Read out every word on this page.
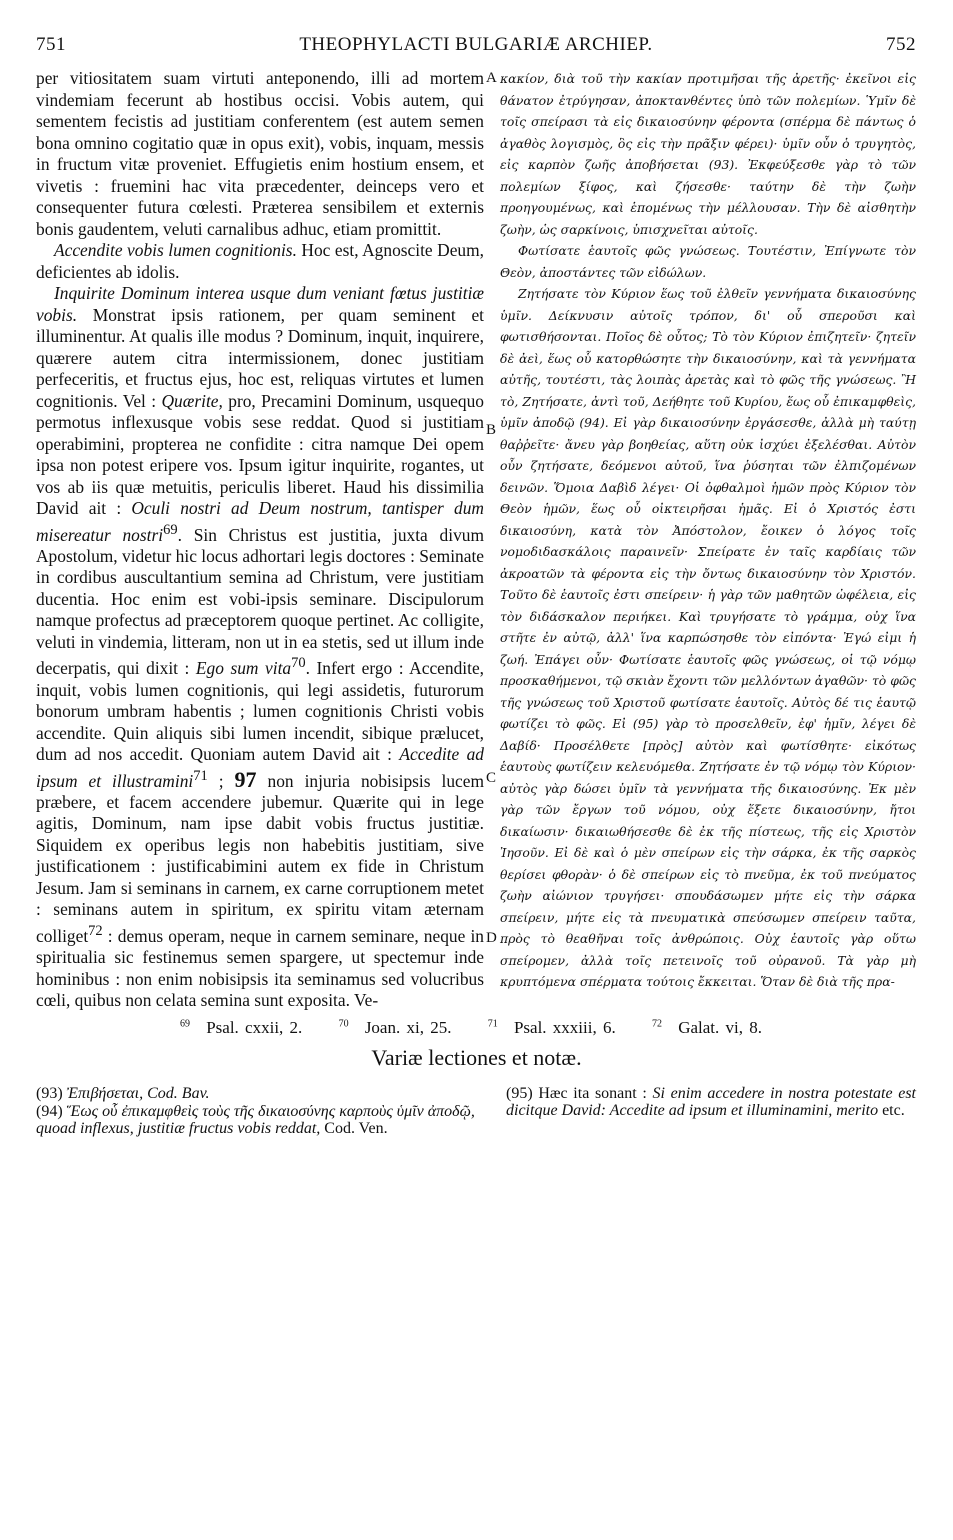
751	THEOPHYLACTI BULGARIÆ ARCHIEP.	752

per vitiositatem suam virtuti anteponendo, illi ad mortem vindemiam fecerunt ab hostibus occisi. Vobis autem, qui sementem fecistis ad justitiam conferentem (est autem semen bona omnino cogitatio quæ in opus exit), vobis, inquam, messis in fructum vitæ proveniet. Effugietis enim hostium ensem, et vivetis : fruemini hac vita præcedenter, deinceps vero et consequenter futura cœlesti. Præterea sensibilem et externis bonis gaudentem, veluti carnalibus adhuc, etiam promittit.

Accendite vobis lumen cognitionis. Hoc est, Agnoscite Deum, deficientes ab idolis.

Inquirite Dominum interea usque dum veniant fœtus justitiæ vobis. Monstrat ipsis rationem, per quam seminent et illuminentur. At qualis ille modus ? Dominum, inquit, inquirere, quærere autem citra intermissionem, donec justitiam perfeceritis, et fructus ejus, hoc est, reliquas virtutes et lumen cognitionis. Vel : Quærite, pro, Precamini Dominum, usquequo permotus inflexusque vobis sese reddat. Quod si justitiam operabimini, propterea ne confidite : citra namque Dei opem ipsa non potest eripere vos. Ipsum igitur inquirite, rogantes, ut vos ab iis quæ metuitis, periculis liberet. Haud his dissimilia David ait : Oculi nostri ad Deum nostrum, tantisper dum misereatur nostri$^{69}$. Sin Christus est justitia, juxta divum Apostolum, videtur hic locus adhortari legis doctores : Seminate in cordibus auscultantium semina ad Christum, vere justitiam ducentia. Hoc enim est vobi-ipsis seminare. Discipulorum namque profectus ad præceptorem quoque pertinet. Ac colligite, veluti in vindemia, litteram, non ut in ea stetis, sed ut illum inde decerpatis, qui dixit : Ego sum vita$^{70}$. Infert ergo : Accendite, inquit, vobis lumen cognitionis, qui legi assidetis, futurorum bonorum umbram habentis ; lumen cognitionis Christi vobis accendite. Quin aliquis sibi lumen incendit, sibique prælucet, dum ad nos accedit. Quoniam autem David ait : Accedite ad ipsum et illustramini$^{71}$ ; 97 non injuria nobisipsis lucem præbere, et facem accendere jubemur. Quærite qui in lege agitis, Dominum, nam ipse dabit vobis fructus justitiæ. Siquidem ex operibus legis non habebitis justitiam, sive justificationem : justificabimini autem ex fide in Christum Jesum. Jam si seminans in carnem, ex carne corruptionem metet : seminans autem in spiritum, ex spiritu vitam æternam colliget$^{72}$ : demus operam, neque in carnem seminare, neque in spiritualia sic festinemus semen spargere, ut spectemur inde hominibus : non enim nobisipsis ita seminamus sed volucribus cœli, quibus non celata semina sunt exposita. Ve-

A
B
C
D

κακίον, διὰ τοῦ τὴν κακίαν προτιμῆσαι τῆς ἀρετῆς· ἐκεῖνοι εἰς θάνατον ἐτρύγησαν, ἀποκτανθέντες ὑπὸ τῶν πολεμίων. Ὑμῖν δὲ τοῖς σπείρασι τὰ εἰς δικαιοσύνην φέροντα (σπέρμα δὲ πάντως ὁ ἀγαθὸς λογισμὸς, ὃς εἰς τὴν πρᾶξιν φέρει)· ὑμῖν οὖν ὁ τρυγητὸς, εἰς καρπὸν ζωῆς ἀποβήσεται (93). Ἐκφεύξεσθε γὰρ τὸ τῶν πολεμίων ξίφος, καὶ ζήσεσθε· ταύτην δὲ τὴν ζωὴν προηγουμένως, καὶ ἑπομένως τὴν μέλλουσαν. Τὴν δὲ αἰσθητὴν ζωὴν, ὡς σαρκίνοις, ὑπισχνεῖται αὐτοῖς.

Φωτίσατε ἑαυτοῖς φῶς γνώσεως. Τουτέστιν, Ἐπίγνωτε τὸν Θεὸν, ἀποστάντες τῶν εἰδώλων.

Ζητήσατε τὸν Κύριον ἕως τοῦ ἐλθεῖν γεννήματα δικαιοσύνης ὑμῖν. Δείκνυσιν αὐτοῖς τρόπον, δι' οὗ σπεροῦσι καὶ φωτισθήσονται. Ποῖος δὲ οὗτος; Τὸ τὸν Κύριον ἐπιζητεῖν· ζητεῖν δὲ ἀεὶ, ἕως οὗ κατορθώσητε τὴν δικαιοσύνην, καὶ τὰ γεννήματα αὐτῆς, τουτέστι, τὰς λοιπὰς ἀρετὰς καὶ τὸ φῶς τῆς γνώσεως. Ἢ τὸ, Ζητήσατε, ἀντὶ τοῦ, Δεήθητε τοῦ Κυρίου, ἕως οὗ ἐπικαμφθεὶς, ὑμῖν ἀποδῷ (94). Εἰ γὰρ δικαιοσύνην ἐργάσεσθε, ἀλλὰ μὴ ταύτῃ θαῤῥεῖτε· ἄνευ γὰρ βοηθείας, αὕτη οὐκ ἰσχύει ἐξελέσθαι. Αὐτὸν οὖν ζητήσατε, δεόμενοι αὐτοῦ, ἵνα ῥύσηται τῶν ἐλπιζομένων δεινῶν. Ὅμοια Δαβὶδ λέγει· Οἱ ὀφθαλμοὶ ἡμῶν πρὸς Κύριον τὸν Θεὸν ἡμῶν, ἕως οὗ οἰκτειρῆσαι ἡμᾶς. Εἰ ὁ Χριστός ἐστι δικαιοσύνη, κατὰ τὸν Ἀπόστολον, ἔοικεν ὁ λόγος τοῖς νομοδιδασκάλοις παραινεῖν· Σπείρατε ἐν ταῖς καρδίαις τῶν ἀκροατῶν τὰ φέροντα εἰς τὴν ὄντως δικαιοσύνην τὸν Χριστόν. Τοῦτο δὲ ἑαυτοῖς ἐστι σπείρειν· ἡ γὰρ τῶν μαθητῶν ὠφέλεια, εἰς τὸν διδάσκαλον περιήκει. Καὶ τρυγήσατε τὸ γράμμα, οὐχ ἵνα στῆτε ἐν αὐτῷ, ἀλλ' ἵνα καρπώσησθε τὸν εἰπόντα· Ἐγώ εἰμι ἡ ζωή. Ἐπάγει οὖν· Φωτίσατε ἑαυτοῖς φῶς γνώσεως, οἱ τῷ νόμῳ προσκαθήμενοι, τῷ σκιὰν ἔχοντι τῶν μελλόντων ἀγαθῶν· τὸ φῶς τῆς γνώσεως τοῦ Χριστοῦ φωτίσατε ἑαυτοῖς. Αὐτὸς δέ τις ἑαυτῷ φωτίζει τὸ φῶς. Εἰ (95) γὰρ τὸ προσελθεῖν, ἐφ' ἡμῖν, λέγει δὲ Δαβίδ· Προσέλθετε [πρὸς] αὐτὸν καὶ φωτίσθητε· εἰκότως ἑαυτοὺς φωτίζειν κελευόμεθα. Ζητήσατε ἐν τῷ νόμῳ τὸν Κύριον· αὐτὸς γὰρ δώσει ὑμῖν τὰ γεννήματα τῆς δικαιοσύνης. Ἐκ μὲν γὰρ τῶν ἔργων τοῦ νόμου, οὐχ ἕξετε δικαιοσύνην, ἤτοι δικαίωσιν· δικαιωθήσεσθε δὲ ἐκ τῆς πίστεως, τῆς εἰς Χριστὸν Ἰησοῦν. Εἰ δὲ καὶ ὁ μὲν σπείρων εἰς τὴν σάρκα, ἐκ τῆς σαρκὸς θερίσει φθορὰν· ὁ δὲ σπείρων εἰς τὸ πνεῦμα, ἐκ τοῦ πνεύματος ζωὴν αἰώνιον τρυγήσει· σπουδάσωμεν μήτε εἰς τὴν σάρκα σπείρειν, μήτε εἰς τὰ πνευματικὰ σπεύσωμεν σπείρειν ταῦτα, πρὸς τὸ θεαθῆναι τοῖς ἀνθρώποις. Οὐχ ἑαυτοῖς γὰρ οὕτω σπείρομεν, ἀλλὰ τοῖς πετεινοῖς τοῦ οὐρανοῦ. Τὰ γὰρ μὴ κρυπτόμενα σπέρματα τούτοις ἔκκειται. Ὅταν δὲ διὰ τῆς πρα-

$^{69}$ Psal. cxxii, 2.	$^{70}$ Joan. xi, 25.	$^{71}$ Psal. xxxiii, 6.	$^{72}$ Galat. vi, 8.
Variæ lectiones et notæ.

(93) Ἐπιβήσεται, Cod. Bav.

(94) Ἕως οὗ ἐπικαμφθεὶς τοὺς τῆς δικαιοσύνης καρποὺς ὑμῖν ἀποδῷ, quoad inflexus, justitiæ fructus vobis reddat, Cod. Ven.

(95) Hæc ita sonant : Si enim accedere in nostra potestate est dicitque David: Accedite ad ipsum et illuminamini, merito etc.
